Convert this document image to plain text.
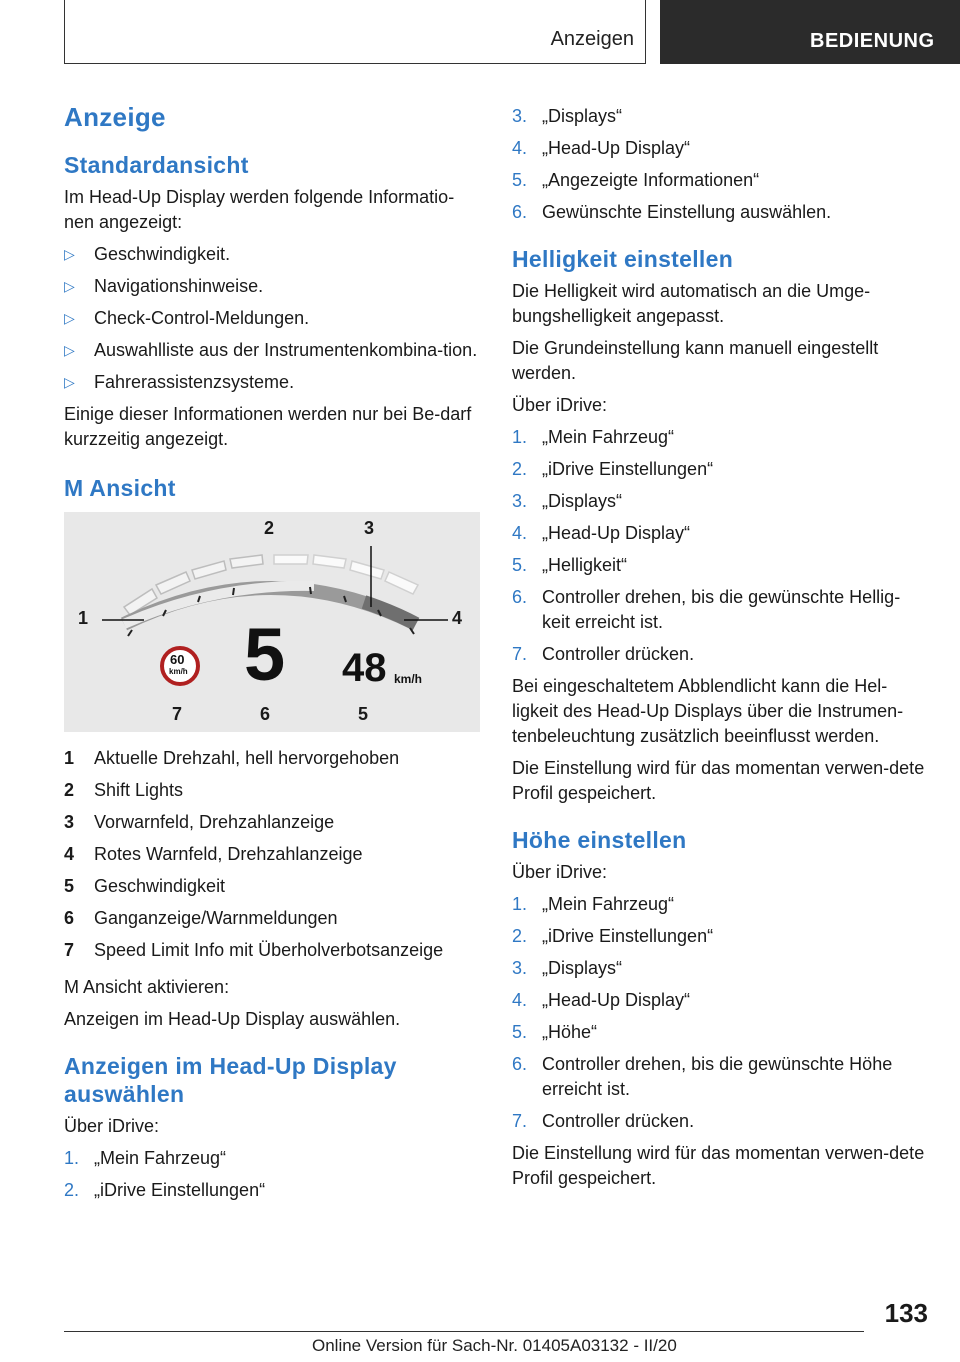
Anzeigen	BEDIENUNG
Anzeige
Standardansicht

Im Head-Up Display werden folgende Informatio-nen angezeigt:

▷ Geschwindigkeit.
▷ Navigationshinweise.
▷ Check-Control-Meldungen.
▷ Auswahlliste aus der Instrumentenkombina-tion.
▷ Fahrerassistenzsysteme.

Einige dieser Informationen werden nur bei Be-darf kurzzeitig angezeigt.

M Ansicht
1
2	3
4
5
6
7
5 48 km/h
60
km/h
1	Aktuelle Drehzahl, hell hervorgehoben
2	Shift Lights
3	Vorwarnfeld, Drehzahlanzeige
4	Rotes Warnfeld, Drehzahlanzeige
5	Geschwindigkeit
6	Ganganzeige/Warnmeldungen
7	Speed Limit Info mit Überholverbotsanzeige

M Ansicht aktivieren:

Anzeigen im Head-Up Display auswählen.

Anzeigen im Head-Up Display auswählen

Über iDrive:

1. „Mein Fahrzeug“
2. „iDrive Einstellungen“
3. „Displays“
4. „Head-Up Display“
5. „Angezeigte Informationen“
6. Gewünschte Einstellung auswählen.
Helligkeit einstellen

Die Helligkeit wird automatisch an die Umge-bungshelligkeit angepasst.

Die Grundeinstellung kann manuell eingestellt werden.

Über iDrive:

1. „Mein Fahrzeug“
2. „iDrive Einstellungen“
3. „Displays“
4. „Head-Up Display“
5. „Helligkeit“
6. Controller drehen, bis die gewünschte Hellig-keit erreicht ist.
7. Controller drücken.

Bei eingeschaltetem Abblendlicht kann die Hel-ligkeit des Head-Up Displays über die Instrumen-tenbeleuchtung zusätzlich beeinflusst werden.

Die Einstellung wird für das momentan verwen-dete Profil gespeichert.

Höhe einstellen

Über iDrive:

1. „Mein Fahrzeug“
2. „iDrive Einstellungen“
3. „Displays“
4. „Head-Up Display“
5. „Höhe“
6. Controller drehen, bis die gewünschte Höhe erreicht ist.
7. Controller drücken.

Die Einstellung wird für das momentan verwen-dete Profil gespeichert.

133
Online Version für Sach-Nr. 01405A03132 - II/20
